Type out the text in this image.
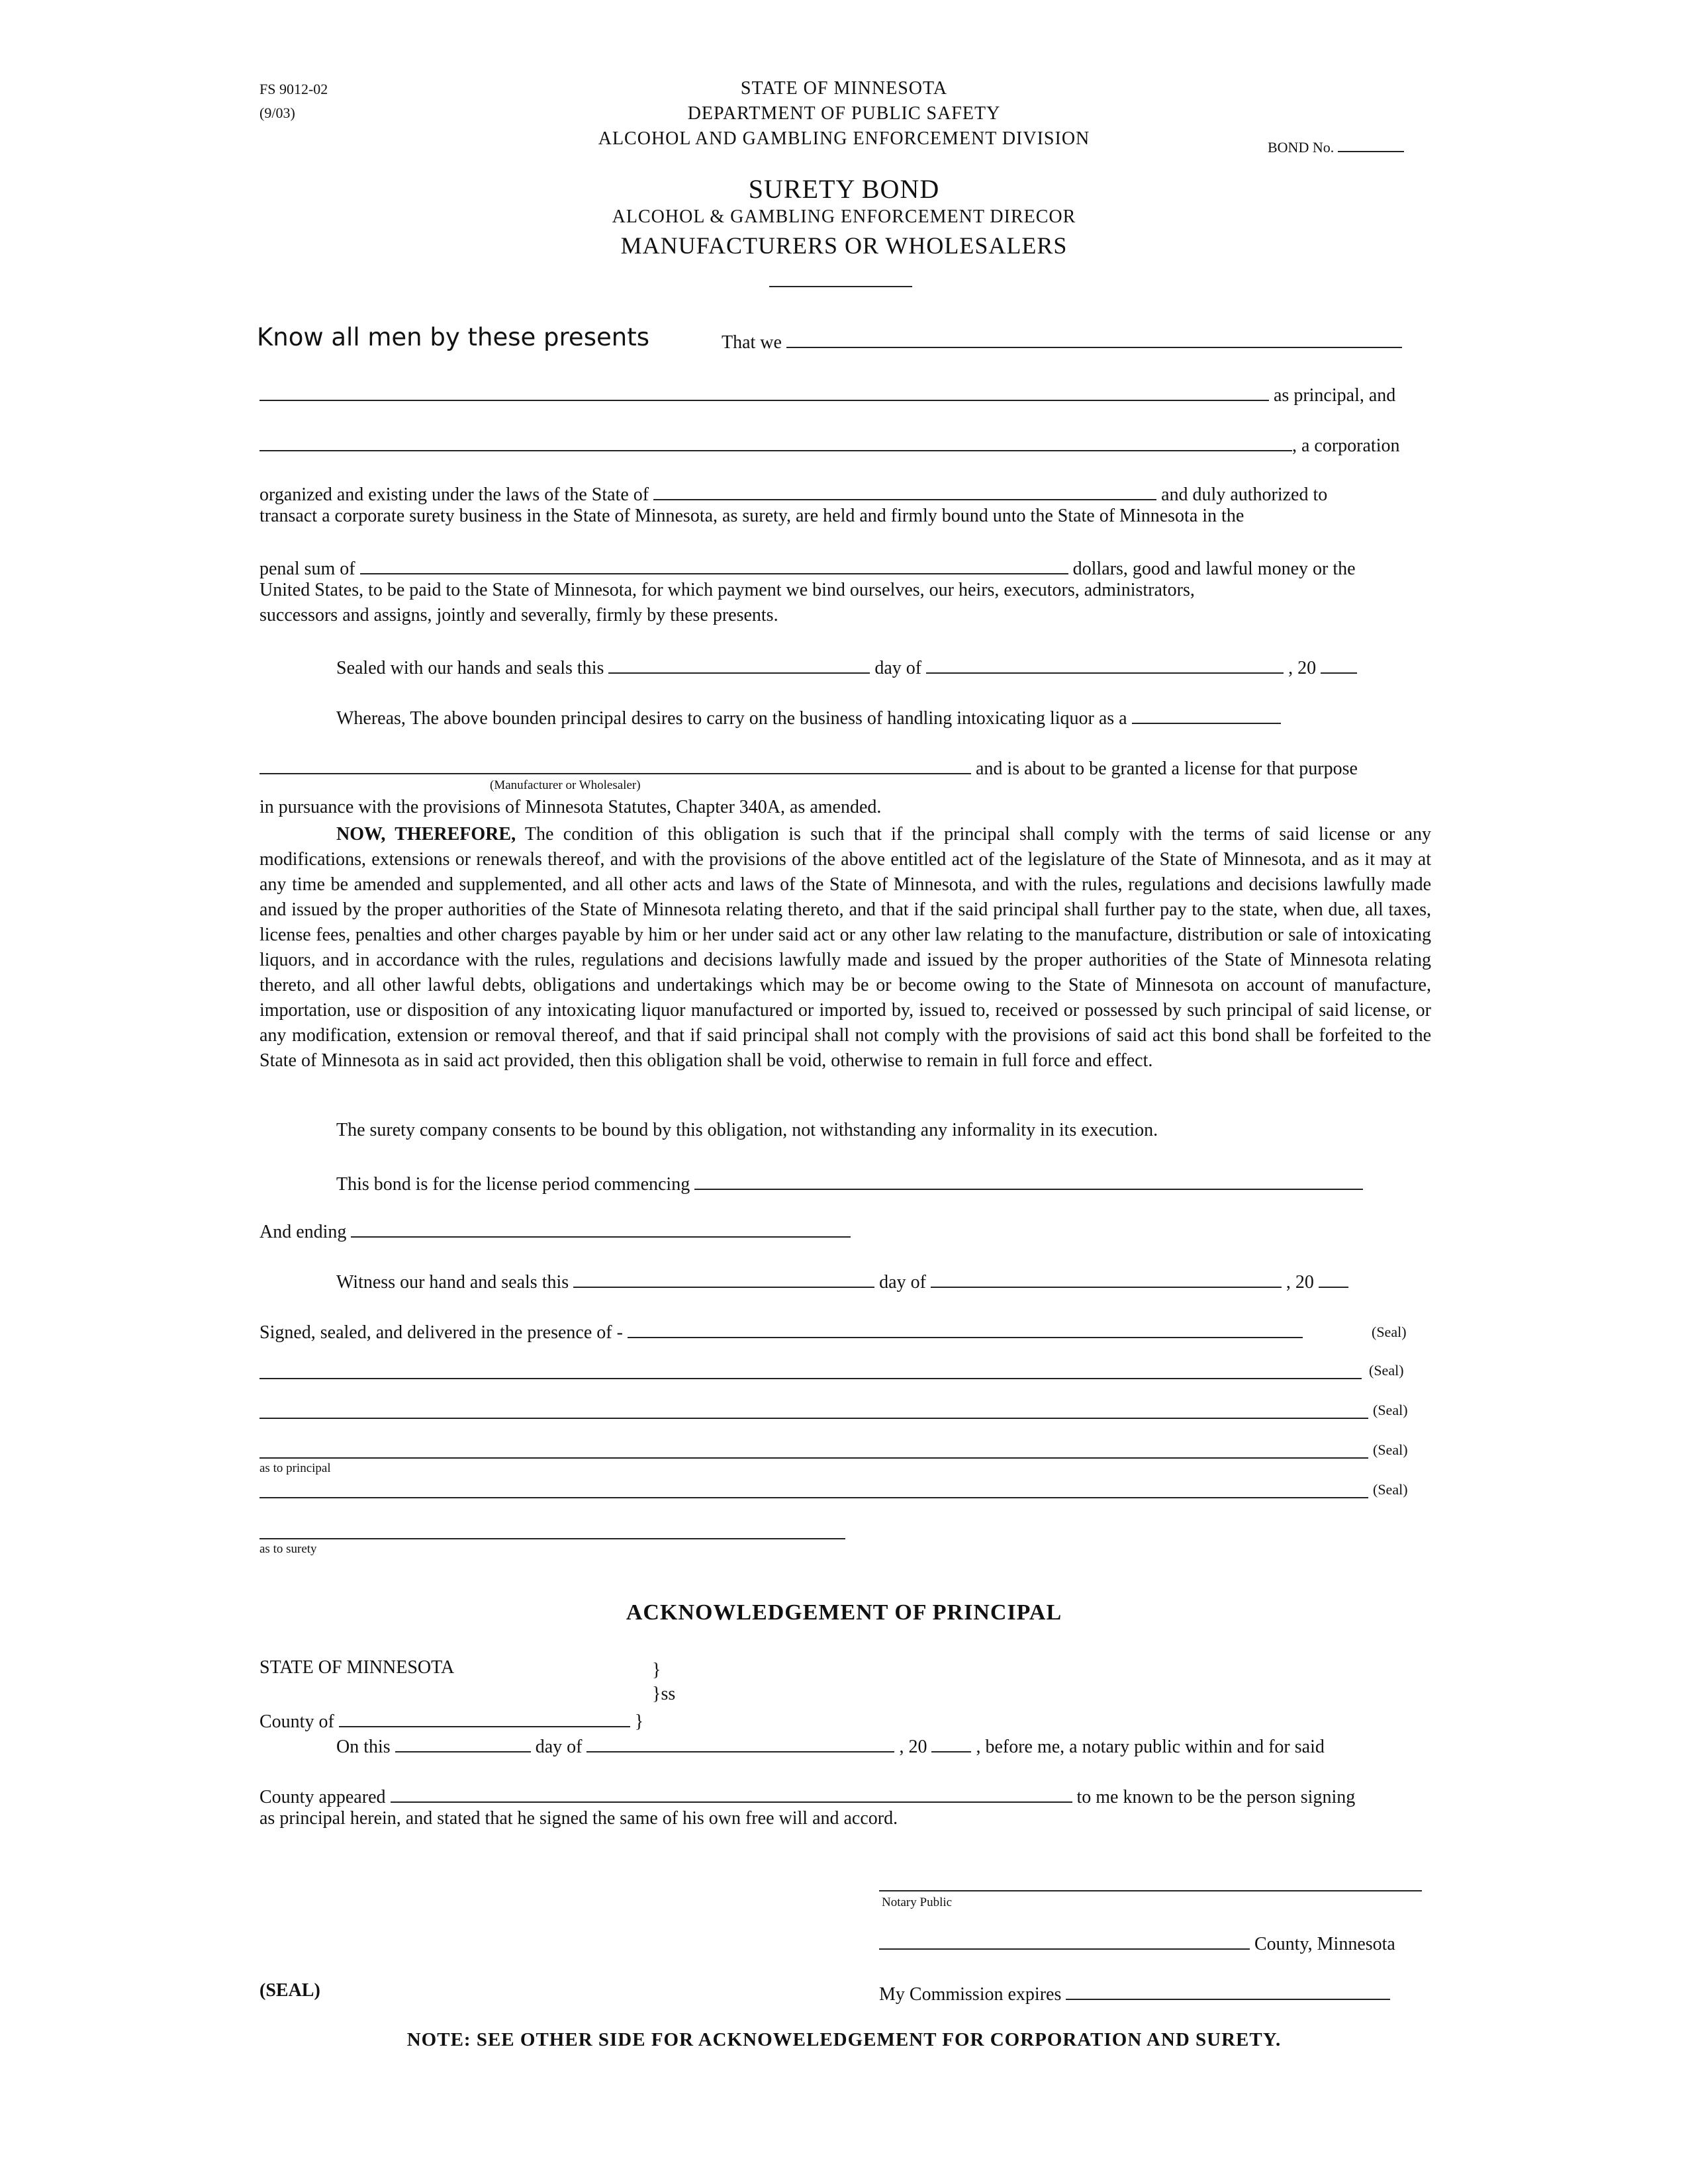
FS 9012-02
(9/03)
STATE OF MINNESOTA
DEPARTMENT OF PUBLIC SAFETY
ALCOHOL AND GAMBLING ENFORCEMENT DIVISION	BOND No.
SURETY BOND
ALCOHOL & GAMBLING ENFORCEMENT DIRECOR
MANUFACTURERS OR WHOLESALERS
Know all men by these presents	That we
as principal, and
, a corporation
organized and existing under the laws of the State of	and duly authorized to
transact a corporate surety business in the State of Minnesota, as surety, are held and firmly bound unto the State of Minnesota in the
penal sum of	dollars, good and lawful money or the
United States, to be paid to the State of Minnesota, for which payment we bind ourselves, our heirs, executors, administrators,
successors and assigns, jointly and severally, firmly by these presents.
Sealed with our hands and seals this	day of	, 20
Whereas, The above bounden principal desires to carry on the business of handling intoxicating liquor as a
and is about to be granted a license for that purpose
(Manufacturer or Wholesaler)
in pursuance with the provisions of Minnesota Statutes, Chapter 340A, as amended.
NOW, THEREFORE, The condition of this obligation is such that if the principal shall comply with the terms of said license or any modifications, extensions or renewals thereof, and with the provisions of the above entitled act of the legislature of the State of Minnesota, and as it may at any time be amended and supplemented, and all other acts and laws of the State of Minnesota, and with the rules, regulations and decisions lawfully made and issued by the proper authorities of the State of Minnesota relating thereto, and that if the said principal shall further pay to the state, when due, all taxes, license fees, penalties and other charges payable by him or her under said act or any other law relating to the manufacture, distribution or sale of intoxicating liquors, and in accordance with the rules, regulations and decisions lawfully made and issued by the proper authorities of the State of Minnesota relating thereto, and all other lawful debts, obligations and undertakings which may be or become owing to the State of Minnesota on account of manufacture, importation, use or disposition of any intoxicating liquor manufactured or imported by, issued to, received or possessed by such principal of said license, or any modification, extension or removal thereof, and that if said principal shall not comply with the provisions of said act this bond shall be forfeited to the State of Minnesota as in said act provided, then this obligation shall be void, otherwise to remain in full force and effect.
The surety company consents to be bound by this obligation, not withstanding any informality in its execution.
This bond is for the license period commencing
And ending
Witness our hand and seals this	day of	, 20
Signed, sealed, and delivered in the presence of -	(Seal)
(Seal)
(Seal)
(Seal)
as to principal
(Seal)
as to surety
ACKNOWLEDGEMENT OF PRINCIPAL
STATE OF MINNESOTA	}
}ss
County of	}
On this	day of	, 20	, before me, a notary public within and for said
County appeared	to me known to be the person signing
as principal herein, and stated that he signed the same of his own free will and accord.
Notary Public
County, Minnesota
(SEAL)	My Commission expires
NOTE: SEE OTHER SIDE FOR ACKNOWELEDGEMENT FOR CORPORATION AND SURETY.
